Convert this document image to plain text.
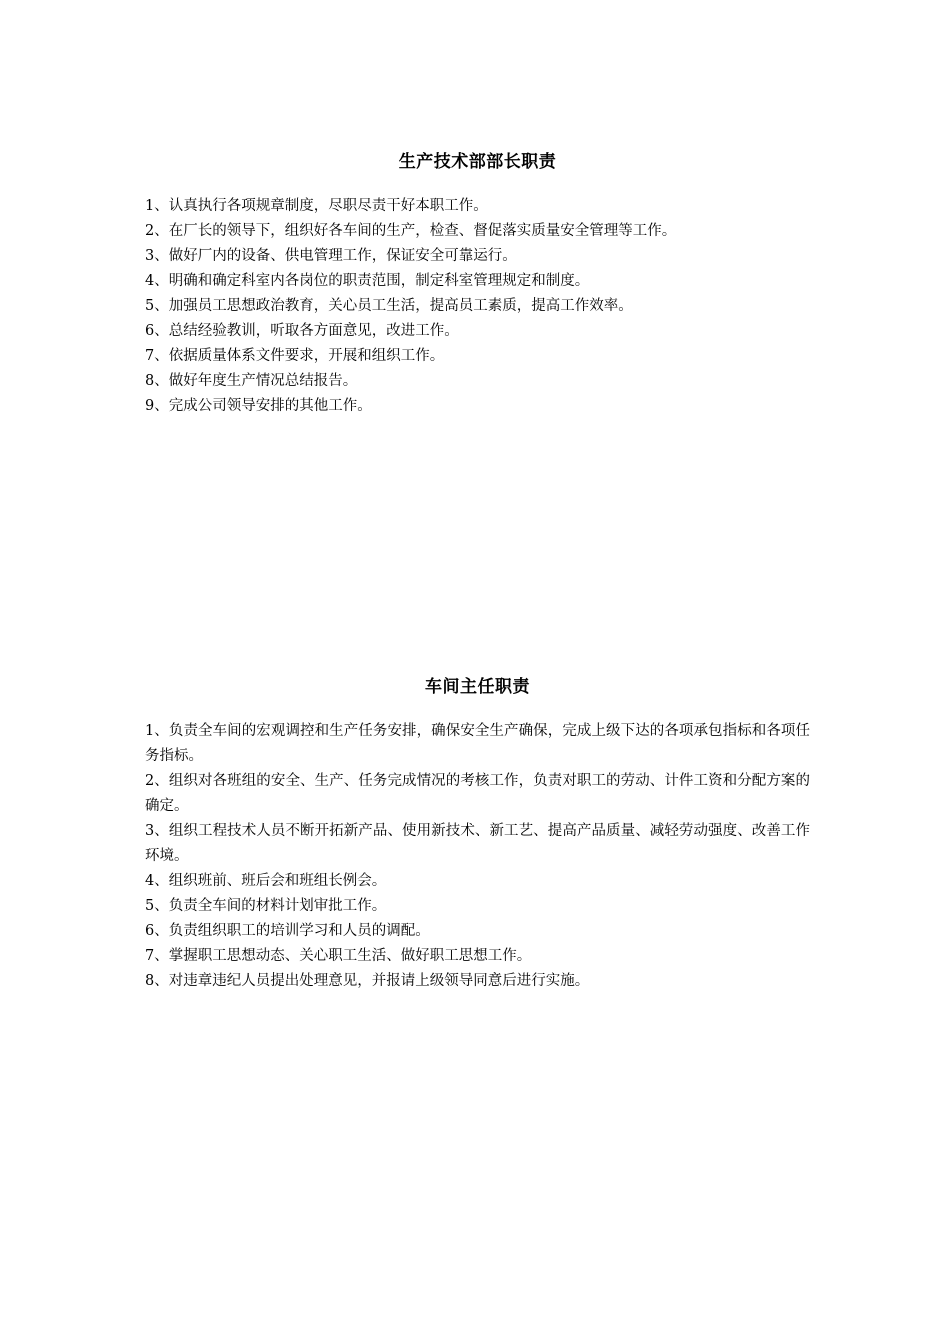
生产技术部部长职责

1、认真执行各项规章制度，尽职尽责干好本职工作。

2、在厂长的领导下，组织好各车间的生产，检查、督促落实质量安全管理等工作。

3、做好厂内的设备、供电管理工作，保证安全可靠运行。

4、明确和确定科室内各岗位的职责范围，制定科室管理规定和制度。

5、加强员工思想政治教育，关心员工生活，提高员工素质，提高工作效率。

6、总结经验教训，听取各方面意见，改进工作。

7、依据质量体系文件要求，开展和组织工作。

8、做好年度生产情况总结报告。

9、完成公司领导安排的其他工作。

车间主任职责

1、负责全车间的宏观调控和生产任务安排，确保安全生产确保，完成上级下达的各项承包指标和各项任务指标。

2、组织对各班组的安全、生产、任务完成情况的考核工作，负责对职工的劳动、计件工资和分配方案的确定。

3、组织工程技术人员不断开拓新产品、使用新技术、新工艺、提高产品质量、减轻劳动强度、改善工作环境。

4、组织班前、班后会和班组长例会。

5、负责全车间的材料计划审批工作。

6、负责组织职工的培训学习和人员的调配。

7、掌握职工思想动态、关心职工生活、做好职工思想工作。

8、对违章违纪人员提出处理意见，并报请上级领导同意后进行实施。
